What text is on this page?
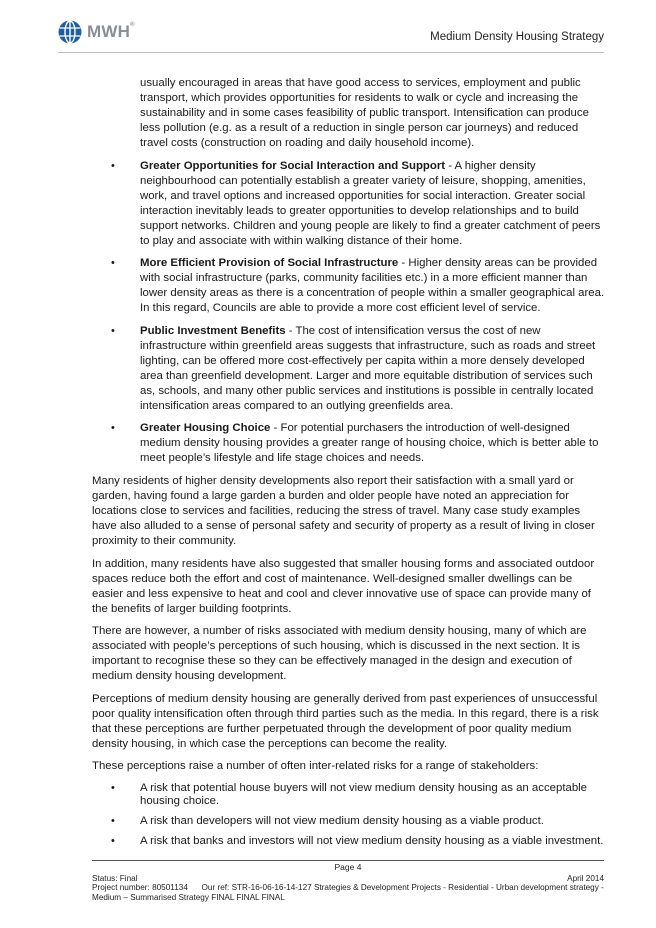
MWH®
Medium Density Housing Strategy

usually encouraged in areas that have good access to services, employment and public transport, which provides opportunities for residents to walk or cycle and increasing the sustainability and in some cases feasibility of public transport. Intensification can produce less pollution (e.g. as a result of a reduction in single person car journeys) and reduced travel costs (construction on roading and daily household income).

• Greater Opportunities for Social Interaction and Support - A higher density neighbourhood can potentially establish a greater variety of leisure, shopping, amenities, work, and travel options and increased opportunities for social interaction. Greater social interaction inevitably leads to greater opportunities to develop relationships and to build support networks. Children and young people are likely to find a greater catchment of peers to play and associate with within walking distance of their home.
• More Efficient Provision of Social Infrastructure - Higher density areas can be provided with social infrastructure (parks, community facilities etc.) in a more efficient manner than lower density areas as there is a concentration of people within a smaller geographical area. In this regard, Councils are able to provide a more cost efficient level of service.
• Public Investment Benefits - The cost of intensification versus the cost of new infrastructure within greenfield areas suggests that infrastructure, such as roads and street lighting, can be offered more cost-effectively per capita within a more densely developed area than greenfield development. Larger and more equitable distribution of services such as, schools, and many other public services and institutions is possible in centrally located intensification areas compared to an outlying greenfields area.
• Greater Housing Choice - For potential purchasers the introduction of well-designed medium density housing provides a greater range of housing choice, which is better able to meet people’s lifestyle and life stage choices and needs.

Many residents of higher density developments also report their satisfaction with a small yard or garden, having found a large garden a burden and older people have noted an appreciation for locations close to services and facilities, reducing the stress of travel. Many case study examples have also alluded to a sense of personal safety and security of property as a result of living in closer proximity to their community.

In addition, many residents have also suggested that smaller housing forms and associated outdoor spaces reduce both the effort and cost of maintenance. Well-designed smaller dwellings can be easier and less expensive to heat and cool and clever innovative use of space can provide many of the benefits of larger building footprints.

There are however, a number of risks associated with medium density housing, many of which are associated with people’s perceptions of such housing, which is discussed in the next section. It is important to recognise these so they can be effectively managed in the design and execution of medium density housing development.

Perceptions of medium density housing are generally derived from past experiences of unsuccessful poor quality intensification often through third parties such as the media. In this regard, there is a risk that these perceptions are further perpetuated through the development of poor quality medium density housing, in which case the perceptions can become the reality.

These perceptions raise a number of often inter-related risks for a range of stakeholders:

• A risk that potential house buyers will not view medium density housing as an acceptable housing choice.
• A risk than developers will not view medium density housing as a viable product.
• A risk that banks and investors will not view medium density housing as a viable investment.
Page 4
Status: Final	April 2014
Project number: 80501134 Our ref: STR-16-06-16-14-127 Strategies & Development Projects - Residential - Urban development strategy - Medium – Summarised Strategy FINAL FINAL FINAL
